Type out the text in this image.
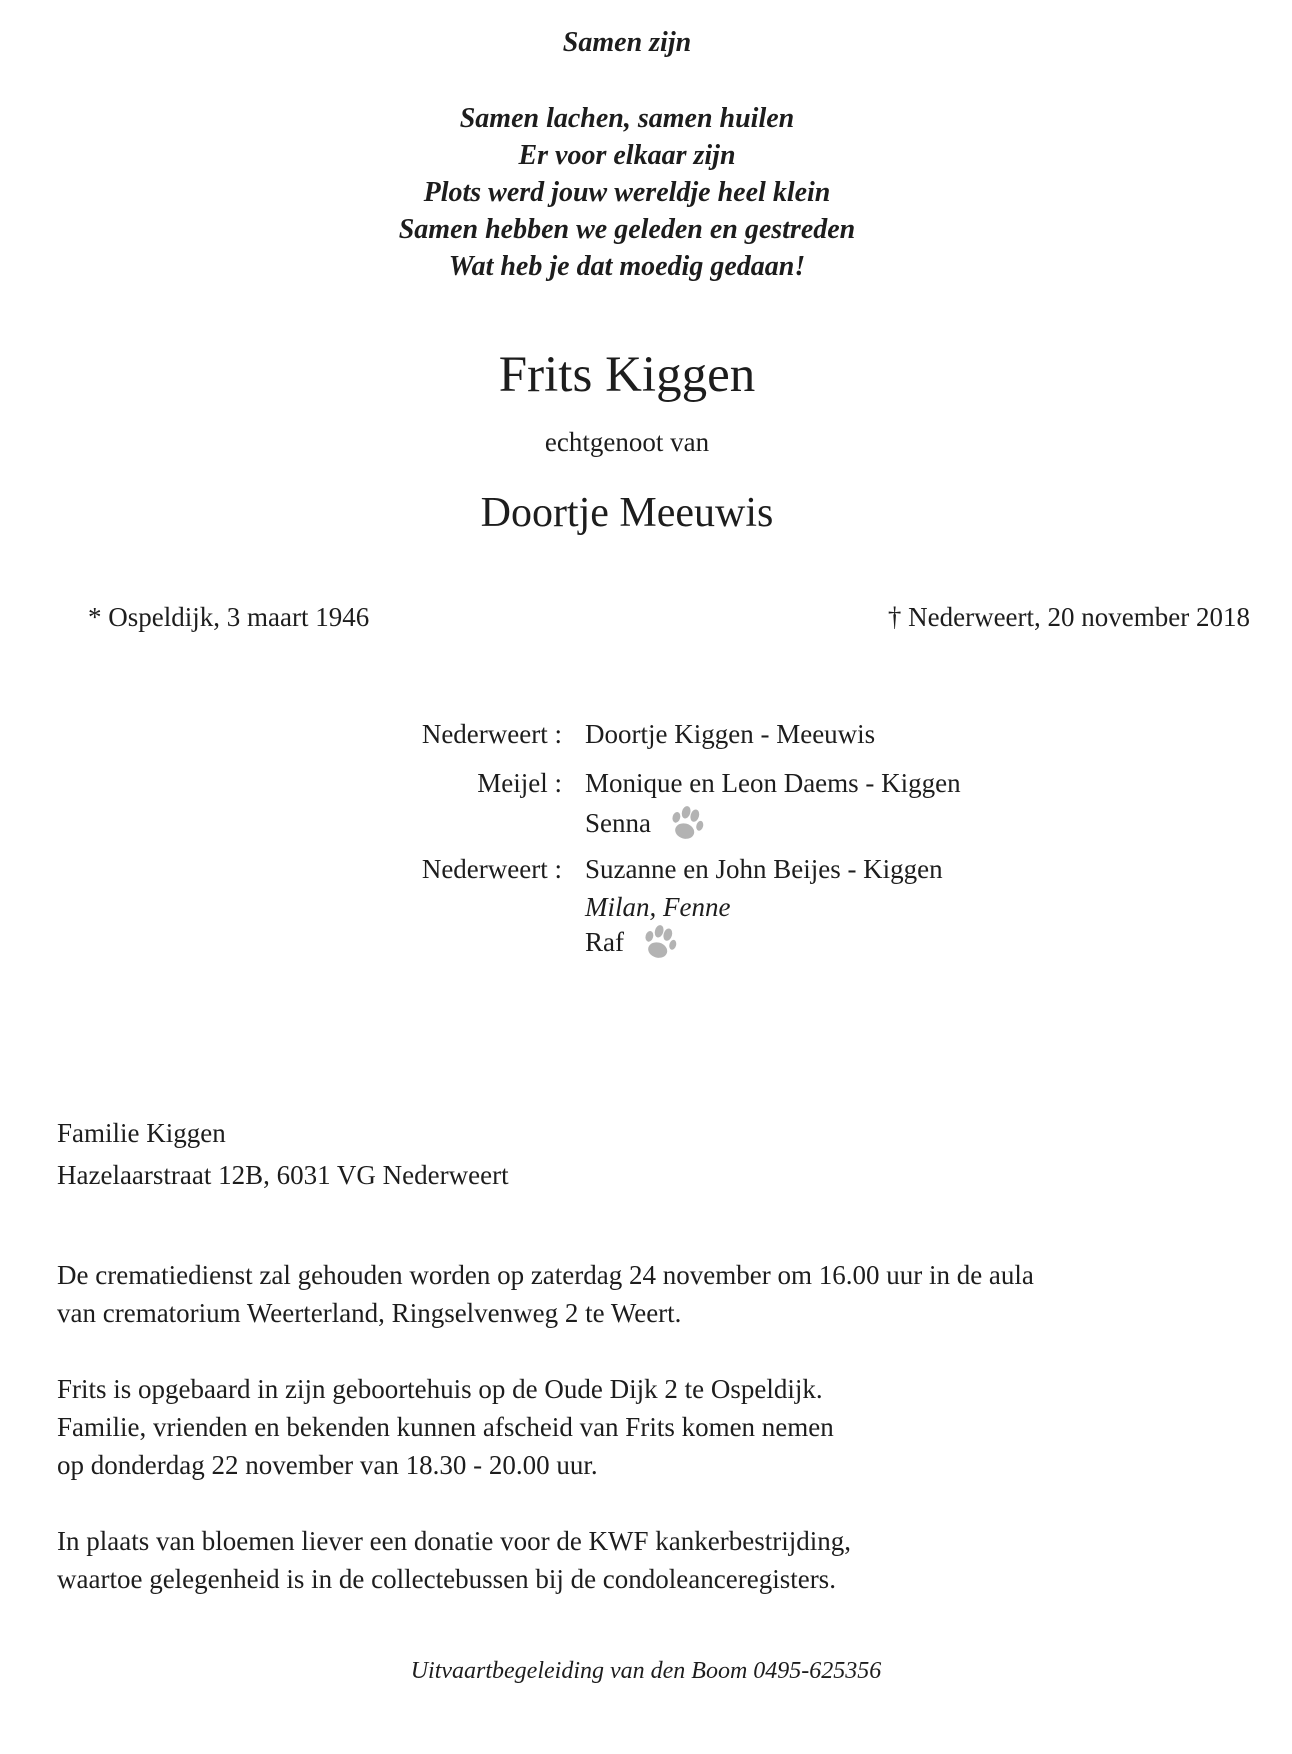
Samen zijn
Samen lachen, samen huilen
Er voor elkaar zijn
Plots werd jouw wereldje heel klein
Samen hebben we geleden en gestreden
Wat heb je dat moedig gedaan!
Frits Kiggen
echtgenoot van
Doortje Meeuwis
* Ospeldijk, 3 maart 1946	† Nederweert, 20 november 2018
Nederweert : Doortje Kiggen - Meeuwis
Meijel : Monique en Leon Daems - Kiggen
Senna
Nederweert : Suzanne en John Beijes - Kiggen
Milan, Fenne
Raf
Familie Kiggen
Hazelaarstraat 12B, 6031 VG Nederweert
De crematiedienst zal gehouden worden op zaterdag 24 november om 16.00 uur in de aula
van crematorium Weerterland, Ringselvenweg 2 te Weert.
Frits is opgebaard in zijn geboortehuis op de Oude Dijk 2 te Ospeldijk.
Familie, vrienden en bekenden kunnen afscheid van Frits komen nemen
op donderdag 22 november van 18.30 - 20.00 uur.
In plaats van bloemen liever een donatie voor de KWF kankerbestrijding,
waartoe gelegenheid is in de collectebussen bij de condoleanceregisters.
Uitvaartbegeleiding van den Boom 0495-625356
